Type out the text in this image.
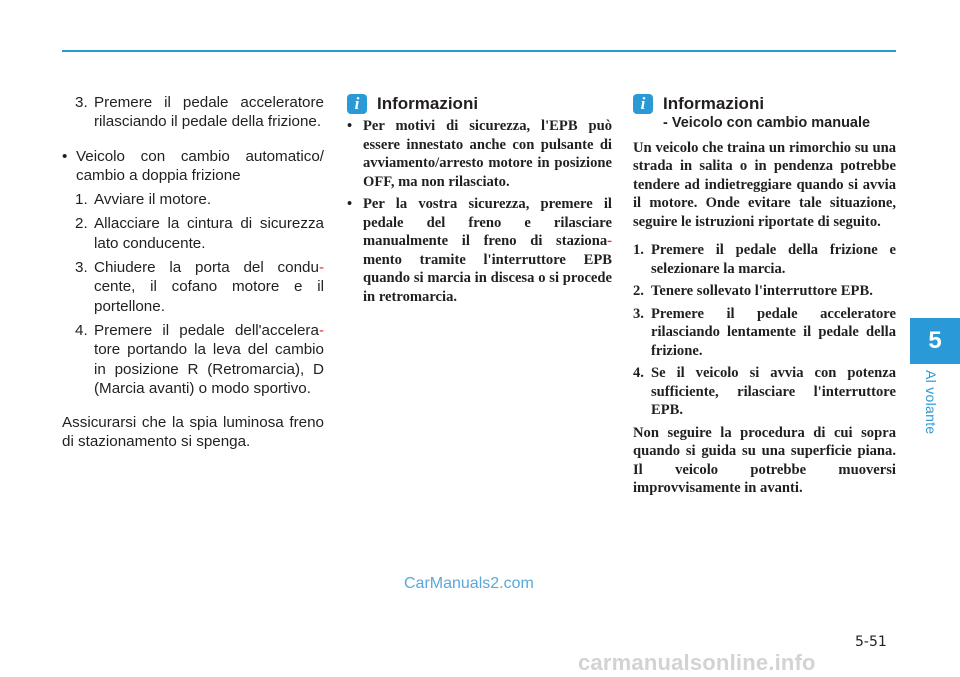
3. Premere il pedale acceleratore rilasciando il pedale della frizione.
• Veicolo con cambio automatico/ cambio a doppia frizione
1. Avviare il motore.
2. Allacciare la cintura di sicurezza lato conducente.
3. Chiudere la porta del condu- cente, il cofano motore e il portellone.
4. Premere il pedale dell'accelera- tore portando la leva del cambio in posizione R (Retromarcia), D (Marcia avanti) o modo sportivo.
Assicurarsi che la spia luminosa freno di stazionamento si spenga.
i	Informazioni
• Per motivi di sicurezza, l'EPB può essere innestato anche con pulsante di avviamento/arresto motore in posizione OFF, ma non rilasciato.
• Per la vostra sicurezza, premere il pedale del freno e rilasciare manualmente il freno di staziona- mento tramite l'interruttore EPB quando si marcia in discesa o si procede in retromarcia.
i	Informazioni
- Veicolo con cambio manuale
Un veicolo che traina un rimorchio su una strada in salita o in pendenza potrebbe tendere ad indietreggiare quando si avvia il motore. Onde evitare tale situazione, seguire le istruzioni riportate di seguito.
1. Premere il pedale della frizione e selezionare la marcia.
2. Tenere sollevato l'interruttore EPB.
3. Premere il pedale acceleratore rilasciando lentamente il pedale della frizione.
4. Se il veicolo si avvia con potenza sufficiente, rilasciare l'interruttore EPB.
Non seguire la procedura di cui sopra quando si guida su una superficie piana. Il veicolo potrebbe muoversi improvvisamente in avanti.
5
Al volante
CarManuals2.com
5-51
carmanualsonline.info
